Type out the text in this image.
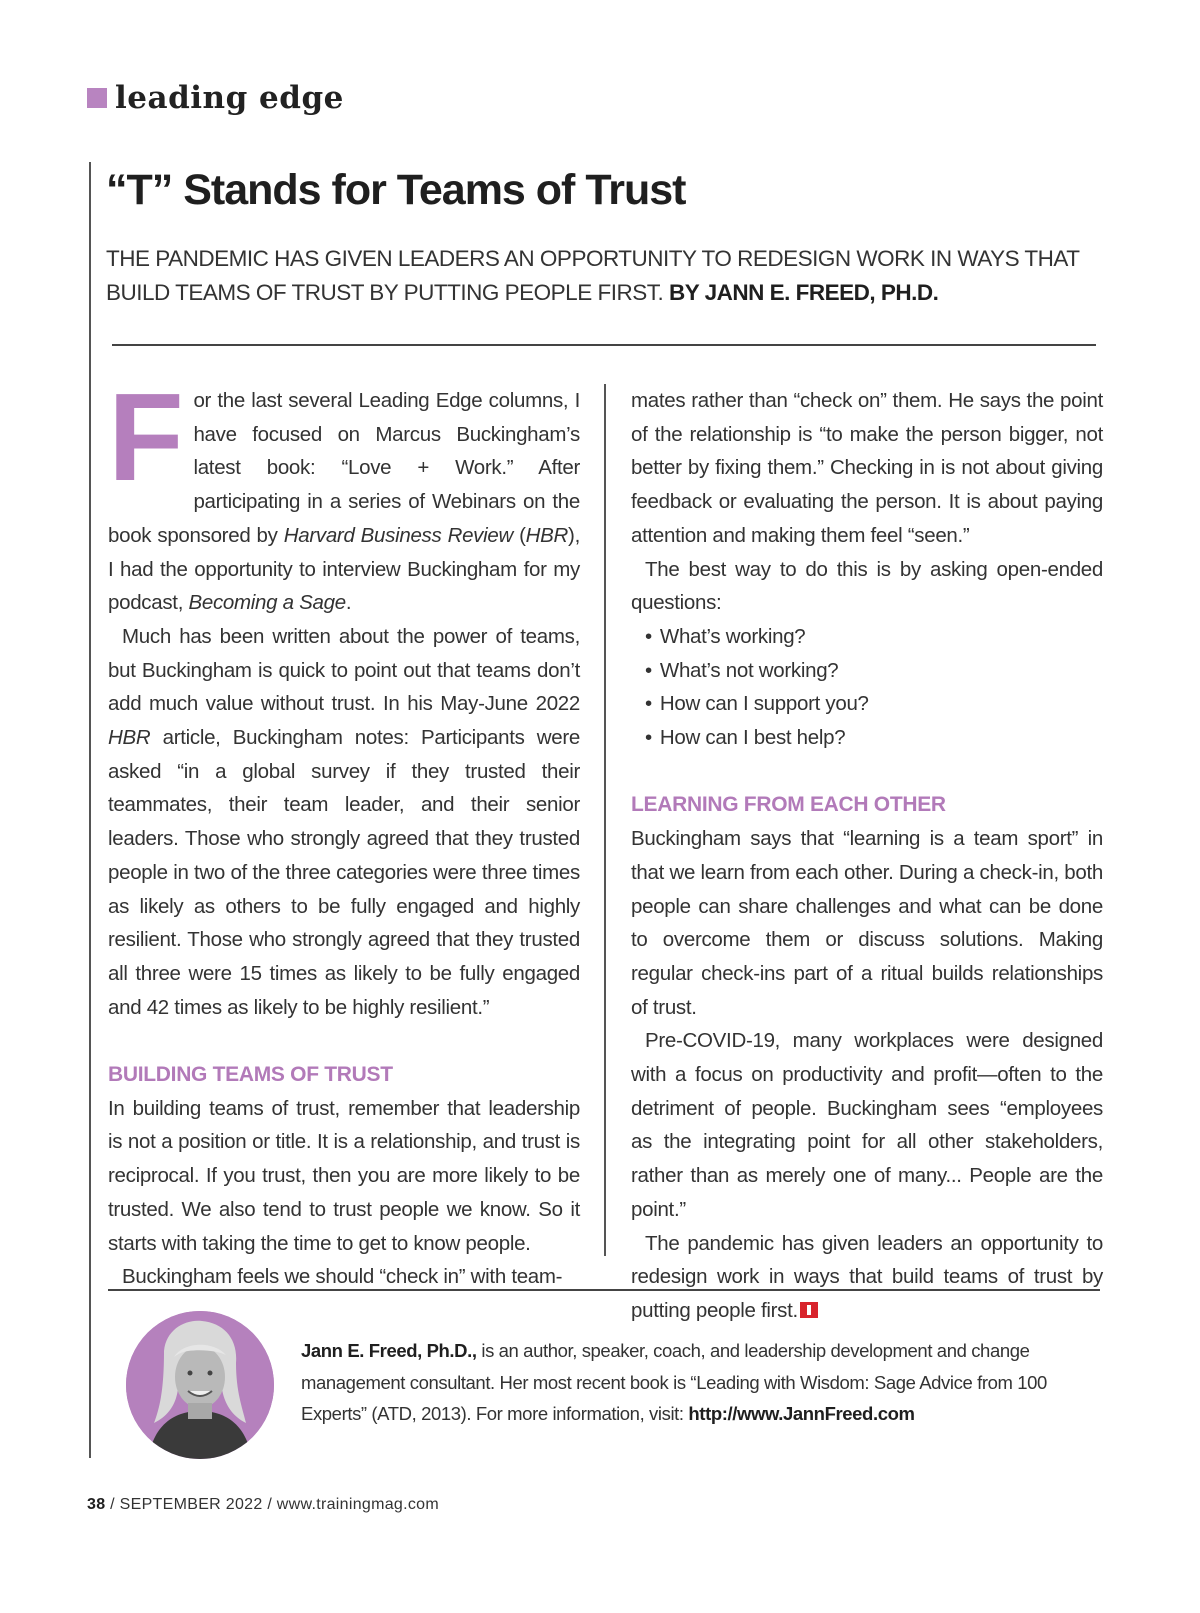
leading edge
“T” Stands for Teams of Trust
THE PANDEMIC HAS GIVEN LEADERS AN OPPORTUNITY TO REDESIGN WORK IN WAYS THAT BUILD TEAMS OF TRUST BY PUTTING PEOPLE FIRST. BY JANN E. FREED, PH.D.

For the last several Leading Edge columns, I have focused on Marcus Buckingham’s latest book: “Love + Work.” After participating in a series of Webinars on the book sponsored by Harvard Business Review (HBR), I had the opportunity to interview Buckingham for my podcast, Becoming a Sage.

Much has been written about the power of teams, but Buckingham is quick to point out that teams don’t add much value without trust. In his May-June 2022 HBR article, Buckingham notes: Participants were asked “in a global survey if they trusted their teammates, their team leader, and their senior leaders. Those who strongly agreed that they trusted people in two of the three categories were three times as likely as others to be fully engaged and highly resilient. Those who strongly agreed that they trusted all three were 15 times as likely to be fully engaged and 42 times as likely to be highly resilient.”

BUILDING TEAMS OF TRUST

In building teams of trust, remember that leadership is not a position or title. It is a relationship, and trust is reciprocal. If you trust, then you are more likely to be trusted. We also tend to trust people we know. So it starts with taking the time to get to know people.

Buckingham feels we should “check in” with team-

mates rather than “check on” them. He says the point of the relationship is “to make the person bigger, not better by fixing them.” Checking in is not about giving feedback or evaluating the person. It is about paying attention and making them feel “seen.”

The best way to do this is by asking open-ended questions:

• What’s working?
• What’s not working?
• How can I support you?
• How can I best help?

LEARNING FROM EACH OTHER

Buckingham says that “learning is a team sport” in that we learn from each other. During a check-in, both people can share challenges and what can be done to overcome them or discuss solutions. Making regular check-ins part of a ritual builds relationships of trust.

Pre-COVID-19, many workplaces were designed with a focus on productivity and profit—often to the detriment of people. Buckingham sees “employees as the integrating point for all other stakeholders, rather than as merely one of many... People are the point.”

The pandemic has given leaders an opportunity to redesign work in ways that build teams of trust by putting people first.

Jann E. Freed, Ph.D., is an author, speaker, coach, and leadership development and change management consultant. Her most recent book is “Leading with Wisdom: Sage Advice from 100 Experts” (ATD, 2013). For more information, visit: http://www.JannFreed.com
38 / SEPTEMBER 2022 / www.trainingmag.com
